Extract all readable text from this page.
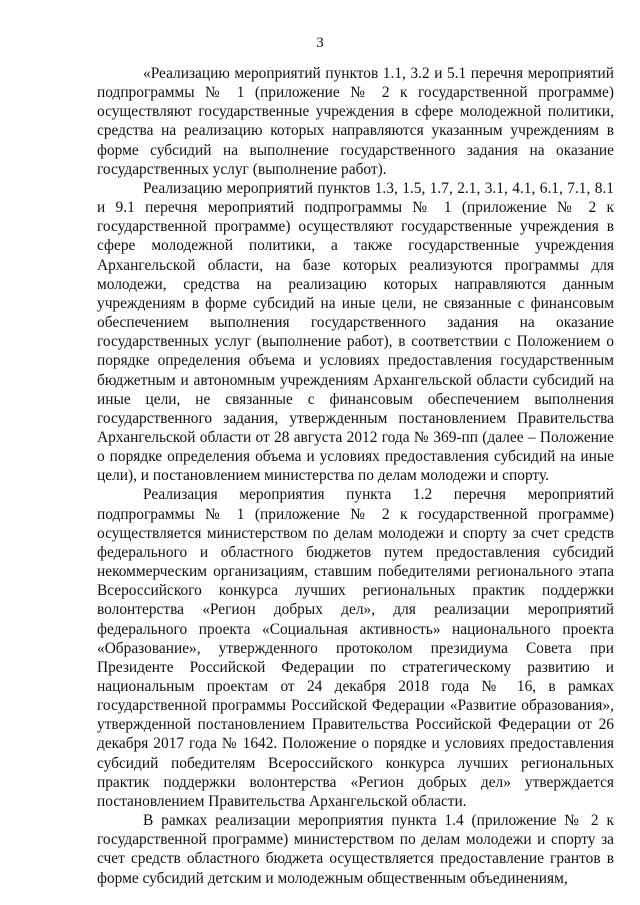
3

«Реализацию мероприятий пунктов 1.1, 3.2 и 5.1 перечня мероприятий подпрограммы № 1 (приложение № 2 к государственной программе) осуществляют государственные учреждения в сфере молодежной политики, средства на реализацию которых направляются указанным учреждениям в форме субсидий на выполнение государственного задания на оказание государственных услуг (выполнение работ).

Реализацию мероприятий пунктов 1.3, 1.5, 1.7, 2.1, 3.1, 4.1, 6.1, 7.1, 8.1 и 9.1 перечня мероприятий подпрограммы № 1 (приложение № 2 к государственной программе) осуществляют государственные учреждения в сфере молодежной политики, а также государственные учреждения Архангельской области, на базе которых реализуются программы для молодежи, средства на реализацию которых направляются данным учреждениям в форме субсидий на иные цели, не связанные с финансовым обеспечением выполнения государственного задания на оказание государственных услуг (выполнение работ), в соответствии с Положением о порядке определения объема и условиях предоставления государственным бюджетным и автономным учреждениям Архангельской области субсидий на иные цели, не связанные с финансовым обеспечением выполнения государственного задания, утвержденным постановлением Правительства Архангельской области от 28 августа 2012 года № 369-пп (далее – Положение о порядке определения объема и условиях предоставления субсидий на иные цели), и постановлением министерства по делам молодежи и спорту.

Реализация мероприятия пункта 1.2 перечня мероприятий подпрограммы № 1 (приложение № 2 к государственной программе) осуществляется министерством по делам молодежи и спорту за счет средств федерального и областного бюджетов путем предоставления субсидий некоммерческим организациям, ставшим победителями регионального этапа Всероссийского конкурса лучших региональных практик поддержки волонтерства «Регион добрых дел», для реализации мероприятий федерального проекта «Социальная активность» национального проекта «Образование», утвержденного протоколом президиума Совета при Президенте Российской Федерации по стратегическому развитию и национальным проектам от 24 декабря 2018 года № 16, в рамках государственной программы Российской Федерации «Развитие образования», утвержденной постановлением Правительства Российской Федерации от 26 декабря 2017 года № 1642. Положение о порядке и условиях предоставления субсидий победителям Всероссийского конкурса лучших региональных практик поддержки волонтерства «Регион добрых дел» утверждается постановлением Правительства Архангельской области.

В рамках реализации мероприятия пункта 1.4 (приложение № 2 к государственной программе) министерством по делам молодежи и спорту за счет средств областного бюджета осуществляется предоставление грантов в форме субсидий детским и молодежным общественным объединениям,
